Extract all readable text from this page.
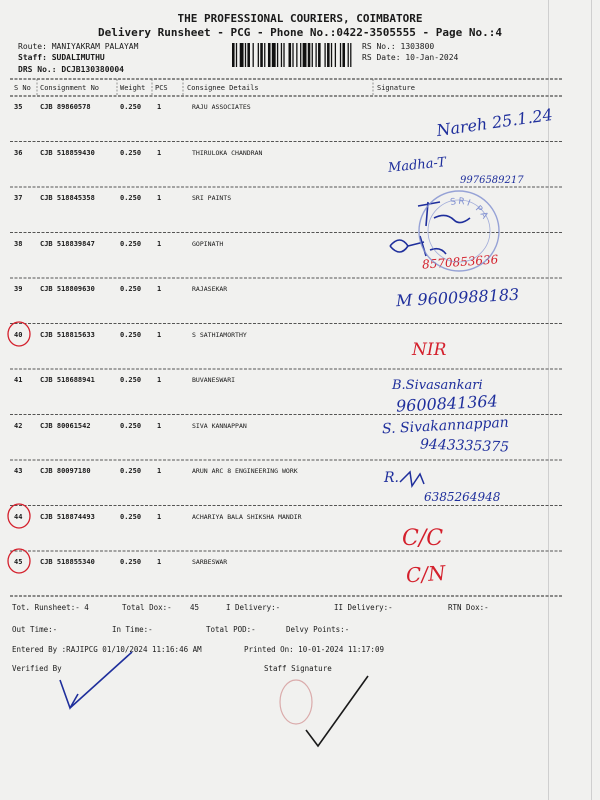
THE PROFESSIONAL COURIERS, COIMBATORE
Delivery Runsheet - PCG - Phone No.:0422-3505555 - Page No.:4
Route: MANIYAKRAM PALAYAM
Staff: SUDALIMUTHU
DRS No.: DCJB130380004
RS No.: 1303800
RS Date: 10-Jan-2024
S No Consignment No	Weight PCS	Consignee Details	Signature
35	CJB 89860578	0.250 1	RAJU ASSOCIATES
36	CJB 518859430	0.250 1	THIRULOKA CHANDRAN
37	CJB 518845358	0.250 1	SRI PAINTS
38	CJB 518839847	0.250 1	GOPINATH
39	CJB 518809630	0.250 1	RAJASEKAR
40	CJB 518815633	0.250 1	S SATHIAMORTHY
41	CJB 518688941	0.250 1	BUVANESWARI
42	CJB 80061542	0.250 1	SIVA KANNAPPAN
43	CJB 80097180	0.250 1	ARUN ARC 8 ENGINEERING WORK
44	CJB 518874493	0.250 1	ACHARIYA BALA SHIKSHA MANDIR
45	CJB 518855340	0.250 1	SARBESWAR
Nareh 25.1.24
Madha-T
9976589217
8570853636
M 9600988183
NIR
B.Sivasankari
9600841364
S. Sivakannappan
9443335375
R.
6385264948
C/C
C/N
SRI PA
Tot. Runsheet:- 4	Total Dox:- 45	I Delivery:-	II Delivery:-	RTN Dox:-
Out Time:-	In Time:-	Total POD:-	Delvy Points:-
Entered By :RAJIPCG 01/10/2024 11:16:46 AM	Printed On: 10-01-2024 11:17:09
Verified By	Staff Signature
